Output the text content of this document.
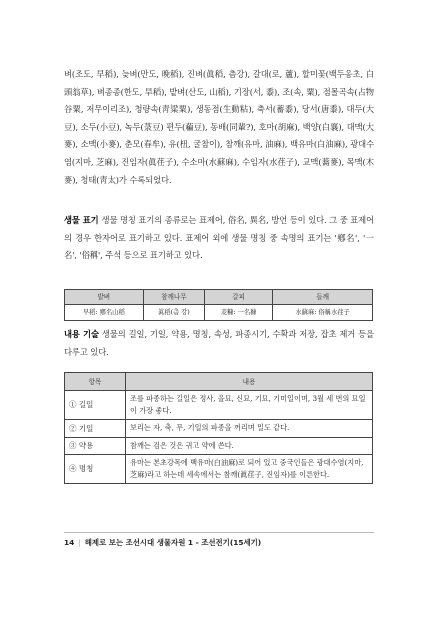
벼(조도, 早稻), 늦벼(만도, 晩稻), 진벼(眞稻, 츰강), 갈대(로, 蘆), 할미꽃(백두옹초, 白頭翁草), 벼종종(한도, 旱稻), 밭벼(산도, 山稻), 기장(서, 黍), 조(속, 粟), 점몰곡속(占物谷粟, 저무이리조), 청량속(靑粱粟), 생동점(生動粘), 축서(蓄黍), 당서(唐黍), 대두(大豆), 소두(小豆), 녹두(菉豆) 편두(藊豆), 동배(同輩?), 호마(胡麻), 백양(白襄), 대맥(大麥), 소맥(小麥), 춘모(春牟), 유(杻, 굴참이), 참깨(유마, 油麻), 백유마(白油麻), 광대수염(지마, 芝麻), 진임자(眞荏子), 수소마(水蘇麻), 수임자(水荏子), 교맥(蕎麥), 목맥(木麥), 청태(靑太)가 수록되었다.

생물 표기 생물 명칭 표기의 종류로는 표제어, 俗名, 異名, 방언 등이 있다. 그 중 표제어의 경우 한자어로 표기하고 있다. 표제어 외에 생물 명칭 중 속명의 표기는 '鄕名', '一名', '俗稱', 주석 등으로 표기하고 있다.

밭벼	참깨나무	갈피	들깨
早稻: 鄕名山稻	眞稻(츰 강)	麦糠: 一名穅	水蘇麻: 俗稱水荏子

내용 기술 생물의 길일, 기일, 약용, 명칭, 속성, 파종시기, 수확과 저장, 잡초 제거 등을 다루고 있다.

항목	내용
① 길일	조를 파종하는 길일은 정사, 을묘, 신묘, 기묘, 기미일이며, 3월 세 번의 묘일이 가장 좋다.
② 기일	보리는 자, 축, 무, 기일의 파종을 꺼리며 밀도 같다.
③ 약용	참깨는 검은 것은 귀고 약에 쓴다.
④ 명칭	유마는 본초강목에 백유마(白油麻)로 되어 있고 중국인들은 광대수염(지마, 芝麻)라고 하는데 세속에서는 참깨(眞荏子, 진임자)를 이른한다.
14 | 해제로 보는 조선시대 생물자원 1 - 조선전기(15세기)
